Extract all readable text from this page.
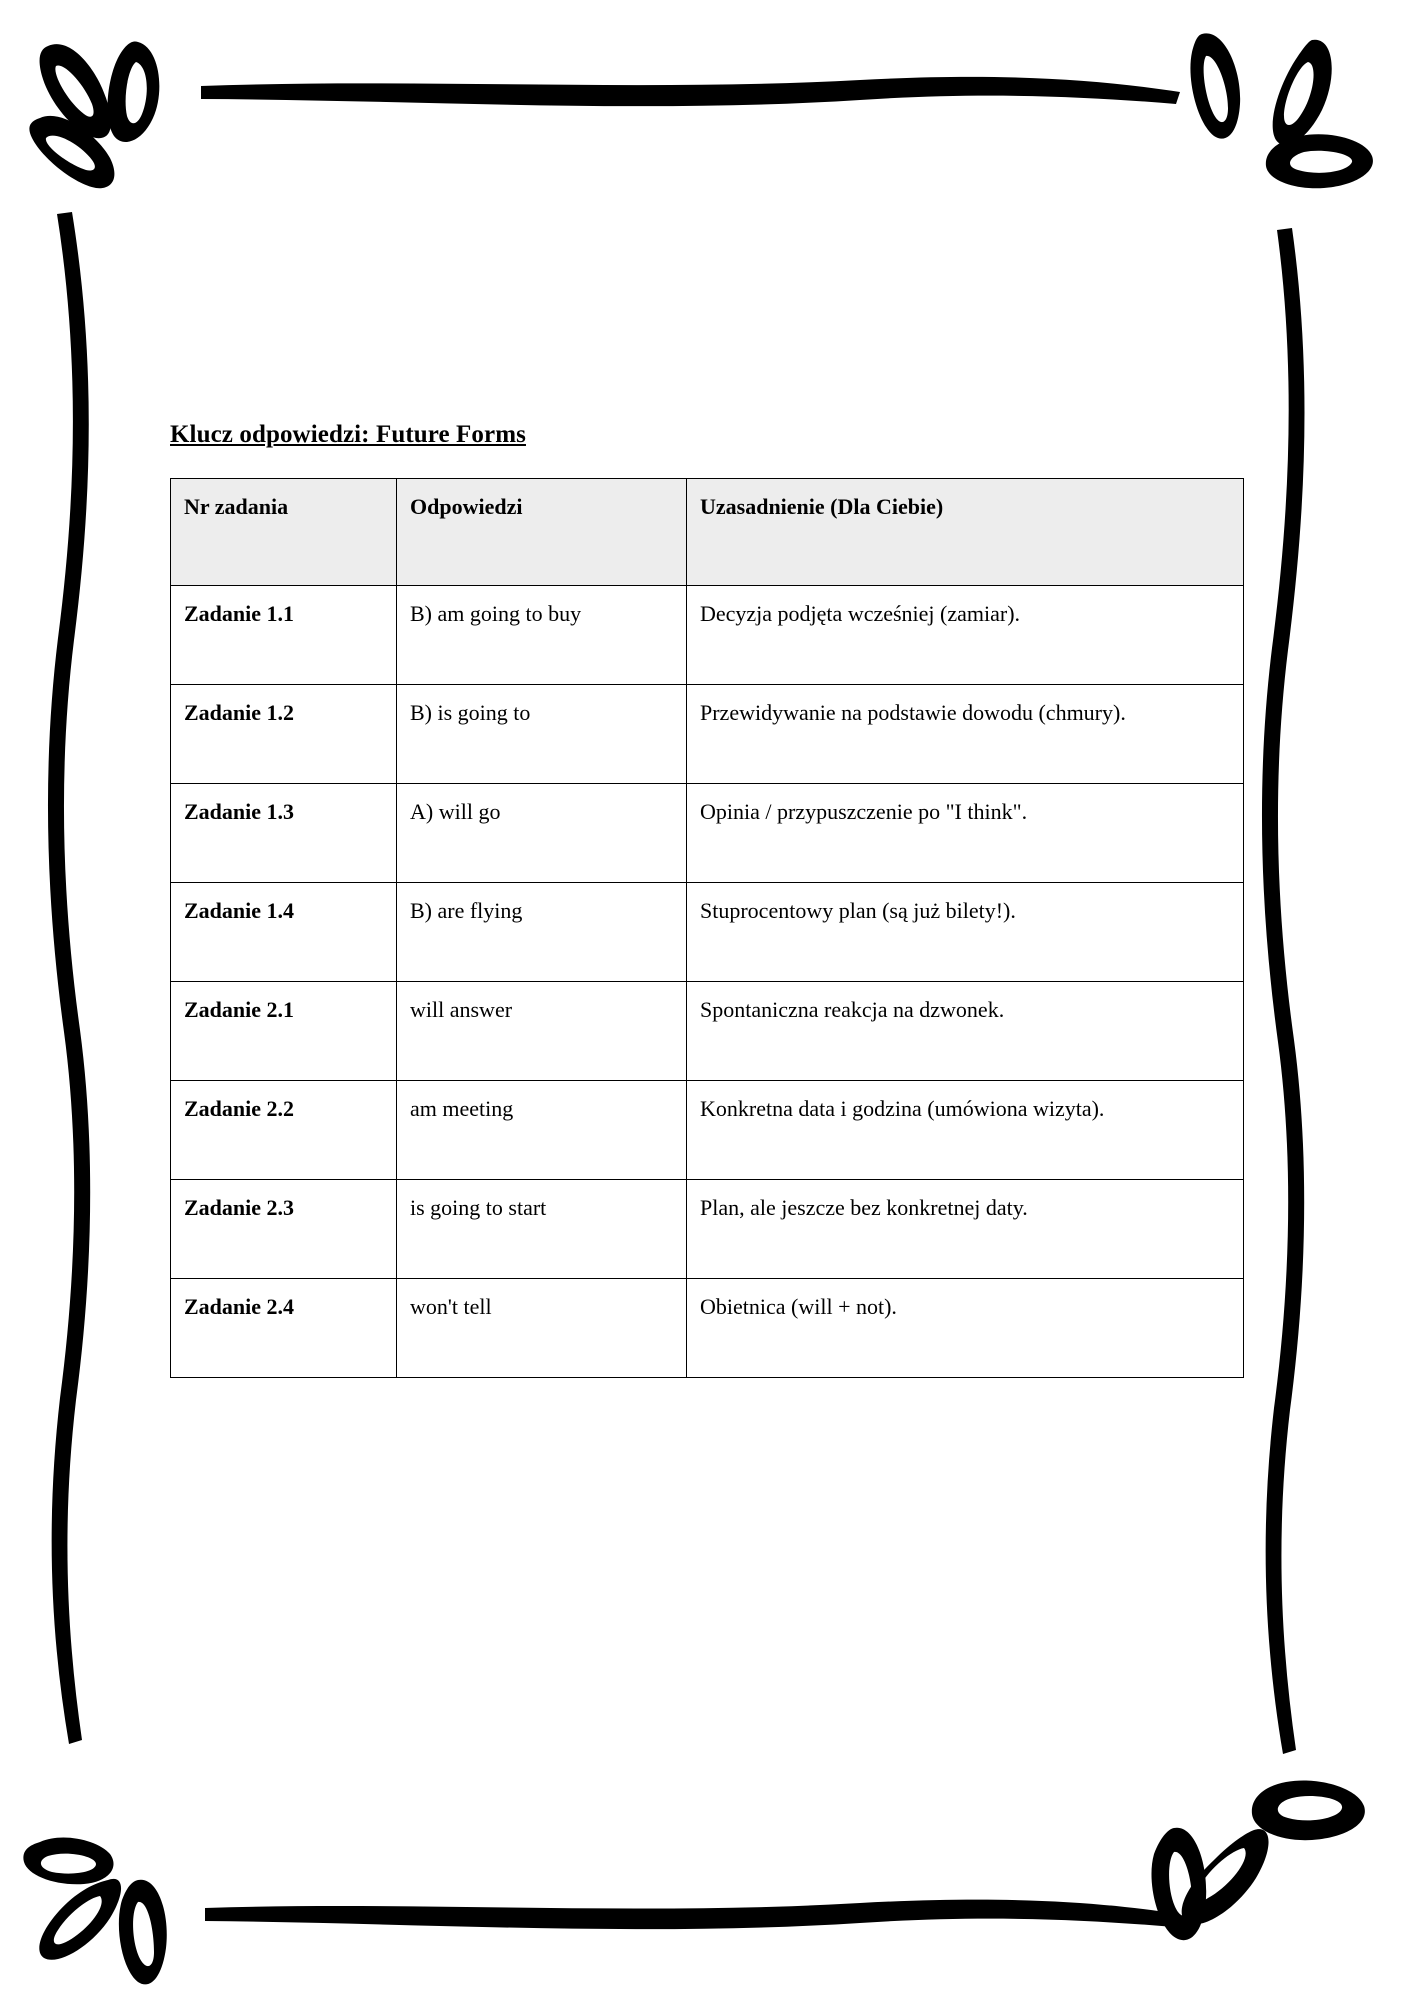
Klucz odpowiedzi: Future Forms
Nr zadania	Odpowiedzi	Uzasadnienie (Dla Ciebie)
Zadanie 1.1	B) am going to buy	Decyzja podjęta wcześniej (zamiar).
Zadanie 1.2	B) is going to	Przewidywanie na podstawie dowodu (chmury).
Zadanie 1.3	A) will go	Opinia / przypuszczenie po "I think".
Zadanie 1.4	B) are flying	Stuprocentowy plan (są już bilety!).
Zadanie 2.1	will answer	Spontaniczna reakcja na dzwonek.
Zadanie 2.2	am meeting	Konkretna data i godzina (umówiona wizyta).
Zadanie 2.3	is going to start	Plan, ale jeszcze bez konkretnej daty.
Zadanie 2.4	won't tell	Obietnica (will + not).
